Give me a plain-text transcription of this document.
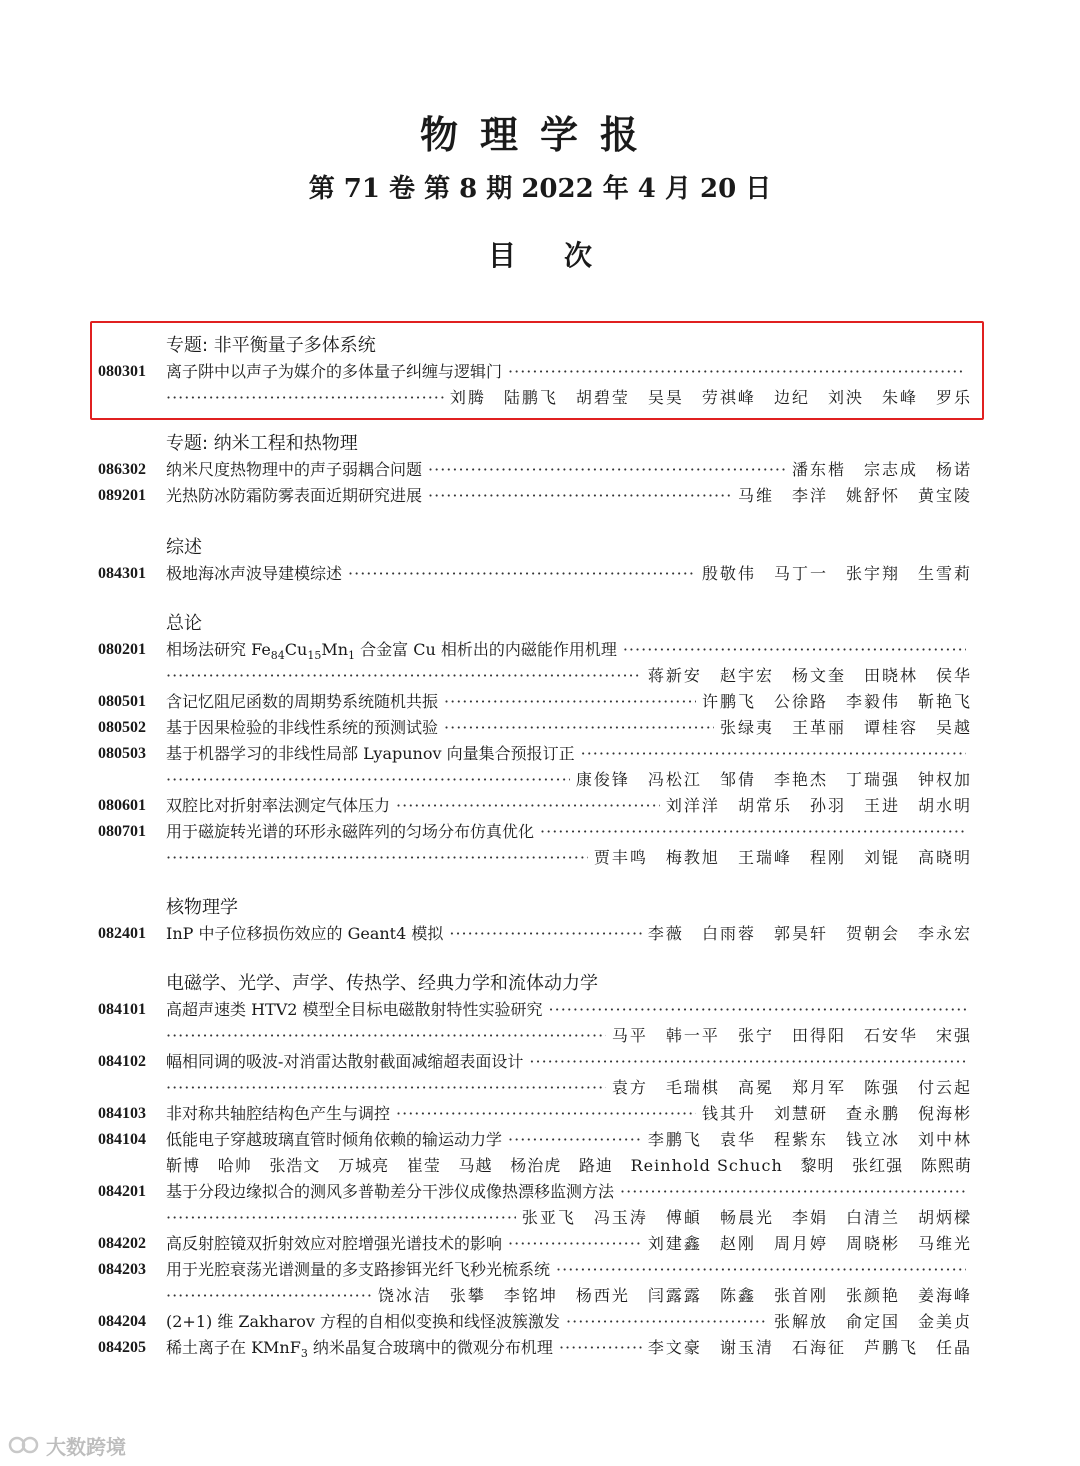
物理学报
第 71 卷 第 8 期 2022 年 4 月 20 日
目次
专题: 非平衡量子多体系统
080301 离子阱中以声子为媒介的多体量子纠缠与逻辑门
·····
·····
刘腾 陆鹏飞 胡碧莹 吴昊 劳祺峰 边纪 刘泱 朱峰 罗乐
专题: 纳米工程和热物理
086302 纳米尺度热物理中的声子弱耦合问题 ·····	潘东楷 宗志成 杨诺
089201 光热防冰防霜防雾表面近期研究进展 ·····	马维 李洋 姚舒怀 黄宝陵
综述
084301 极地海冰声波导建模综述 ·····	殷敬伟 马丁一 张宇翔 生雪莉
总论
080201 相场法研究 $Fe_{84}Cu_{15}Mn_1$ 合金富 Cu 相析出的内磁能作用机理
·····
·····
蒋新安 赵宇宏 杨文奎 田晓林 侯华
080501 含记忆阻尼函数的周期势系统随机共振 ·····	许鹏飞 公徐路 李毅伟 靳艳飞
080502 基于因果检验的非线性系统的预测试验 ·····	张绿夷 王革丽 谭桂容 吴越
080503 基于机器学习的非线性局部 Lyapunov 向量集合预报订正
·····
·····
康俊锋 冯松江 邹倩 李艳杰 丁瑞强 钟权加
080601 双腔比对折射率法测定气体压力 ·····	刘洋洋 胡常乐 孙羽 王进 胡水明
080701 用于磁旋转光谱的环形永磁阵列的匀场分布仿真优化
·····
·····
贾丰鸣 梅教旭 王瑞峰 程刚 刘锟 高晓明
核物理学
082401 InP 中子位移损伤效应的 Geant4 模拟 ·····	李薇 白雨蓉 郭昊轩 贺朝会 李永宏
电磁学、光学、声学、传热学、经典力学和流体动力学
084101 高超声速类 HTV2 模型全目标电磁散射特性实验研究
·····
·····
马平 韩一平 张宁 田得阳 石安华 宋强
084102 幅相同调的吸波-对消雷达散射截面减缩超表面设计
·····
·····
袁方 毛瑞棋 高冕 郑月军 陈强 付云起
084103 非对称共轴腔结构色产生与调控 ·····	钱其升 刘慧研 查永鹏 倪海彬
084104 低能电子穿越玻璃直管时倾角依赖的输运动力学 ·····	李鹏飞 袁华 程紫东 钱立冰 刘中林
靳博 哈帅 张浩文 万城亮 崔莹 马越 杨治虎 路迪 Reinhold Schuch 黎明 张红强 陈熙萌
084201 基于分段边缘拟合的测风多普勒差分干涉仪成像热漂移监测方法
·····
·····
张亚飞 冯玉涛 傅頔 畅晨光 李娟 白清兰 胡炳樑
084202 高反射腔镜双折射效应对腔增强光谱技术的影响 ·····	刘建鑫 赵刚 周月婷 周晓彬 马维光
084203 用于光腔衰荡光谱测量的多支路掺铒光纤飞秒光梳系统
·····
·····
饶冰洁 张攀 李铭坤 杨西光 闫露露 陈鑫 张首刚 张颜艳 姜海峰
084204 (2+1) 维 Zakharov 方程的自相似变换和线怪波簇激发 ·····	张解放 俞定国 金美贞
084205 稀土离子在 KMnF$_3$ 纳米晶复合玻璃中的微观分布机理 ·····	李文豪 谢玉清 石海征 芦鹏飞 任晶
大数跨境
